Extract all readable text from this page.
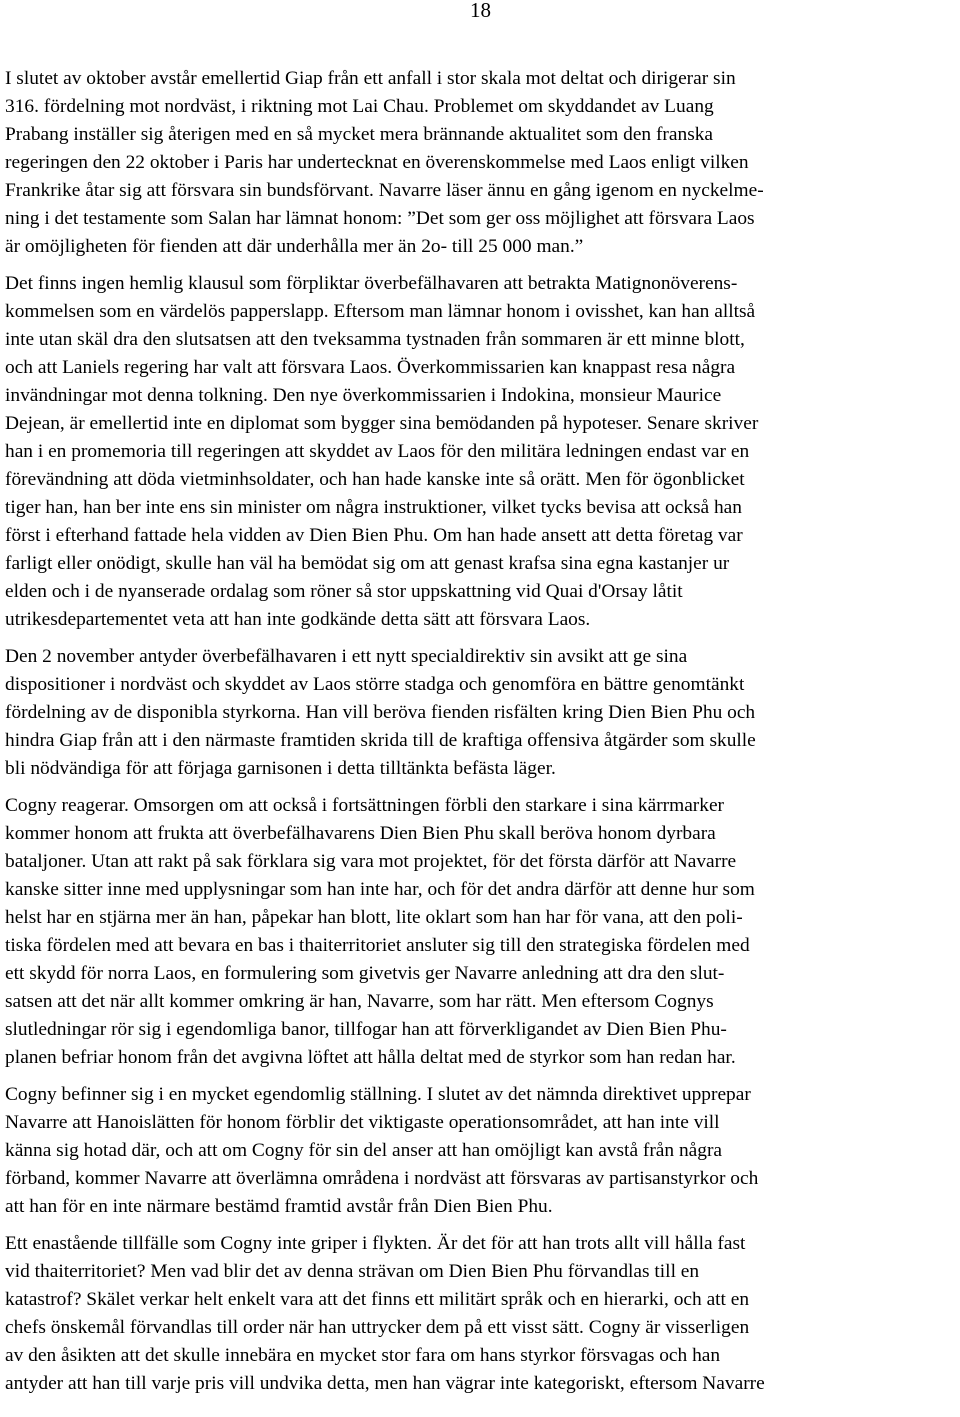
18
I slutet av oktober avstår emellertid Giap från ett anfall i stor skala mot deltat och dirigerar sin
316. fördelning mot nordväst, i riktning mot Lai Chau. Problemet om skyddandet av Luang
Prabang inställer sig återigen med en så mycket mera brännande aktualitet som den franska
regeringen den 22 oktober i Paris har undertecknat en överenskommelse med Laos enligt vilken
Frankrike åtar sig att försvara sin bundsförvant. Navarre läser ännu en gång igenom en nyckelme-
ning i det testamente som Salan har lämnat honom: ”Det som ger oss möjlighet att försvara Laos
är omöjligheten för fienden att där underhålla mer än 2o- till 25 000 man.”
Det finns ingen hemlig klausul som förpliktar överbefälhavaren att betrakta Matignonöverens-
kommelsen som en värdelös papperslapp. Eftersom man lämnar honom i ovisshet, kan han alltså
inte utan skäl dra den slutsatsen att den tveksamma tystnaden från sommaren är ett minne blott,
och att Laniels regering har valt att försvara Laos. Överkommissarien kan knappast resa några
invändningar mot denna tolkning. Den nye överkommissarien i Indokina, monsieur Maurice
Dejean, är emellertid inte en diplomat som bygger sina bemödanden på hypoteser. Senare skriver
han i en promemoria till regeringen att skyddet av Laos för den militära ledningen endast var en
förevändning att döda vietminhsoldater, och han hade kanske inte så orätt. Men för ögonblicket
tiger han, han ber inte ens sin minister om några instruktioner, vilket tycks bevisa att också han
först i efterhand fattade hela vidden av Dien Bien Phu. Om han hade ansett att detta företag var
farligt eller onödigt, skulle han väl ha bemödat sig om att genast krafsa sina egna kastanjer ur
elden och i de nyanserade ordalag som röner så stor uppskattning vid Quai d'Orsay låtit
utrikesdepartementet veta att han inte godkände detta sätt att försvara Laos.
Den 2 november antyder överbefälhavaren i ett nytt specialdirektiv sin avsikt att ge sina
dispositioner i nordväst och skyddet av Laos större stadga och genomföra en bättre genomtänkt
fördelning av de disponibla styrkorna. Han vill beröva fienden risfälten kring Dien Bien Phu och
hindra Giap från att i den närmaste framtiden skrida till de kraftiga offensiva åtgärder som skulle
bli nödvändiga för att förjaga garnisonen i detta tilltänkta befästa läger.
Cogny reagerar. Omsorgen om att också i fortsättningen förbli den starkare i sina kärrmarker
kommer honom att frukta att överbefälhavarens Dien Bien Phu skall beröva honom dyrbara
bataljoner. Utan att rakt på sak förklara sig vara mot projektet, för det första därför att Navarre
kanske sitter inne med upplysningar som han inte har, och för det andra därför att denne hur som
helst har en stjärna mer än han, påpekar han blott, lite oklart som han har för vana, att den poli-
tiska fördelen med att bevara en bas i thaiterritoriet ansluter sig till den strategiska fördelen med
ett skydd för norra Laos, en formulering som givetvis ger Navarre anledning att dra den slut-
satsen att det när allt kommer omkring är han, Navarre, som har rätt. Men eftersom Cognys
slutledningar rör sig i egendomliga banor, tillfogar han att förverkligandet av Dien Bien Phu-
planen befriar honom från det avgivna löftet att hålla deltat med de styrkor som han redan har.
Cogny befinner sig i en mycket egendomlig ställning. I slutet av det nämnda direktivet upprepar
Navarre att Hanoislätten för honom förblir det viktigaste operationsområdet, att han inte vill
känna sig hotad där, och att om Cogny för sin del anser att han omöjligt kan avstå från några
förband, kommer Navarre att överlämna områdena i nordväst att försvaras av partisanstyrkor och
att han för en inte närmare bestämd framtid avstår från Dien Bien Phu.
Ett enastående tillfälle som Cogny inte griper i flykten. Är det för att han trots allt vill hålla fast
vid thaiterritoriet? Men vad blir det av denna strävan om Dien Bien Phu förvandlas till en
katastrof? Skälet verkar helt enkelt vara att det finns ett militärt språk och en hierarki, och att en
chefs önskemål förvandlas till order när han uttrycker dem på ett visst sätt. Cogny är visserligen
av den åsikten att det skulle innebära en mycket stor fara om hans styrkor försvagas och han
antyder att han till varje pris vill undvika detta, men han vägrar inte kategoriskt, eftersom Navarre
